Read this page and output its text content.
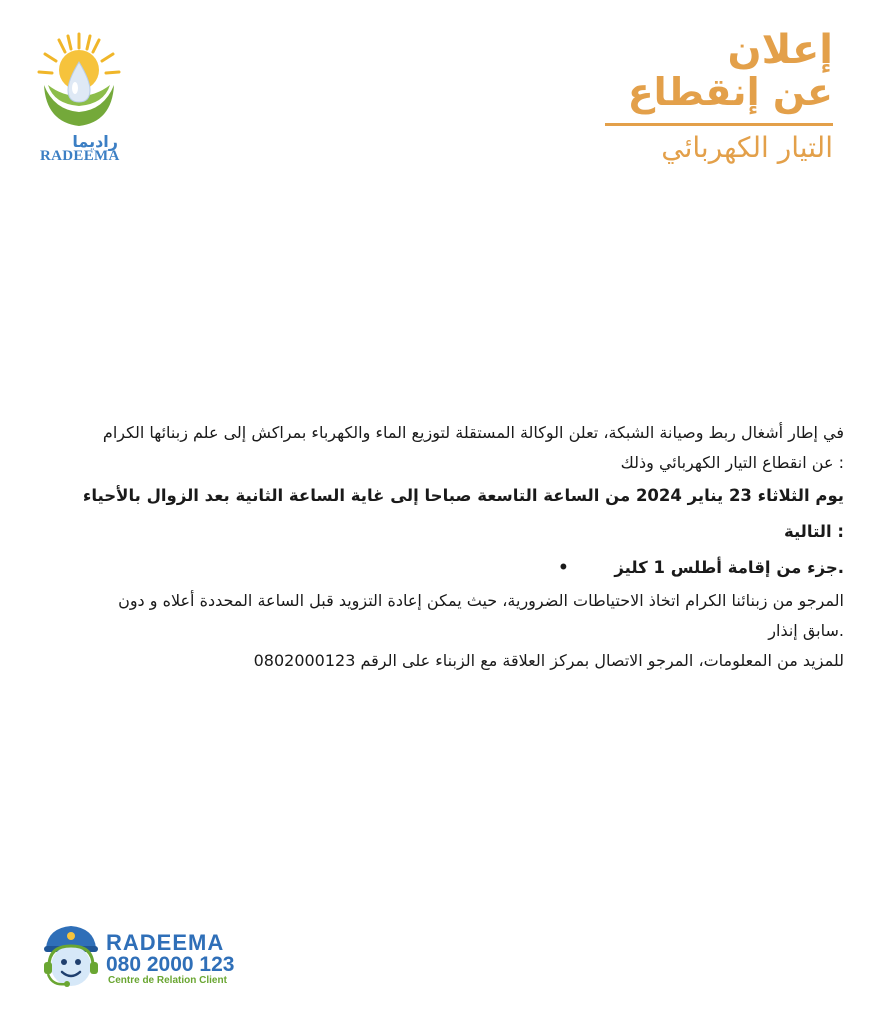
راديما
RADEEMA
إعلان
عن إنقطاع
التيار الكهربائي

في إطار أشغال ربط وصيانة الشبكة، تعلن الوكالة المستقلة لتوزيع الماء والكهرباء بمراكش إلى علم زبنائها الكرام

: عن انقطاع التيار الكهربائي وذلك

يوم الثلاثاء 23 يناير 2024 من الساعة التاسعة صباحا إلى غاية الساعة الثانية بعد الزوال بالأحياء

: التالية

.جزء من إقامة أطلس 1 كليز •

المرجو من زبنائنا الكرام اتخاذ الاحتياطات الضرورية، حيث يمكن إعادة التزويد قبل الساعة المحددة أعلاه و دون

.سابق إنذار

للمزيد من المعلومات، المرجو الاتصال بمركز العلاقة مع الزبناء على الرقم 0802000123

RADEEMA
080 2000 123
Centre de Relation Client
